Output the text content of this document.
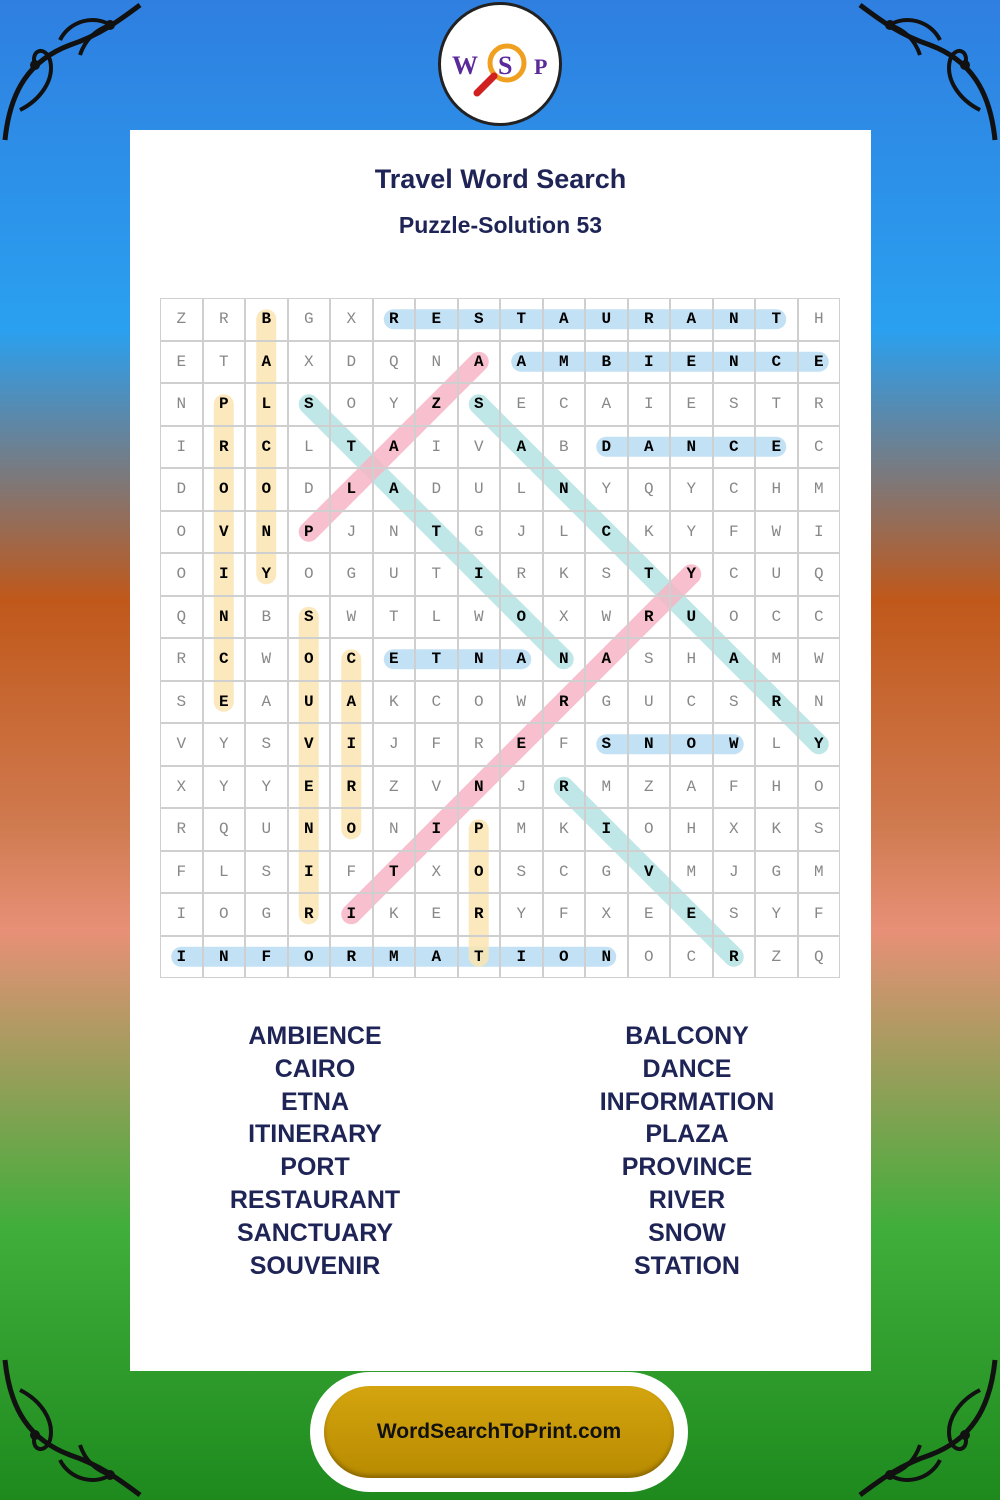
W S P
Travel Word Search
Puzzle-Solution 53
Z	R	B	G	X	R	E	S	T	A	U	R	A	N	T	H
E	T	A	X	D	Q	N	A	A	M	B	I	E	N	C	E
N	P	L	S	O	Y	Z	S	E	C	A	I	E	S	T	R
I	R	C	L	T	A	I	V	A	B	D	A	N	C	E	C
D	O	O	D	L	A	D	U	L	N	Y	Q	Y	C	H	M
O	V	N	P	J	N	T	G	J	L	C	K	Y	F	W	I
O	I	Y	O	G	U	T	I	R	K	S	T	Y	C	U	Q
Q	N	B	S	W	T	L	W	O	X	W	R	U	O	C	C
R	C	W	O	C	E	T	N	A	N	A	S	H	A	M	W
S	E	A	U	A	K	C	O	W	R	G	U	C	S	R	N
V	Y	S	V	I	J	F	R	E	F	S	N	O	W	L	Y
X	Y	Y	E	R	Z	V	N	J	R	M	Z	A	F	H	O
R	Q	U	N	O	N	I	P	M	K	I	O	H	X	K	S
F	L	S	I	F	T	X	O	S	C	G	V	M	J	G	M
I	O	G	R	I	K	E	R	Y	F	X	E	E	S	Y	F
I	N	F	O	R	M	A	T	I	O	N	O	C	R	Z	Q
AMBIENCE
CAIRO
ETNA
ITINERARY
PORT
RESTAURANT
SANCTUARY
SOUVENIR
BALCONY
DANCE
INFORMATION
PLAZA
PROVINCE
RIVER
SNOW
STATION
WordSearchToPrint.com
